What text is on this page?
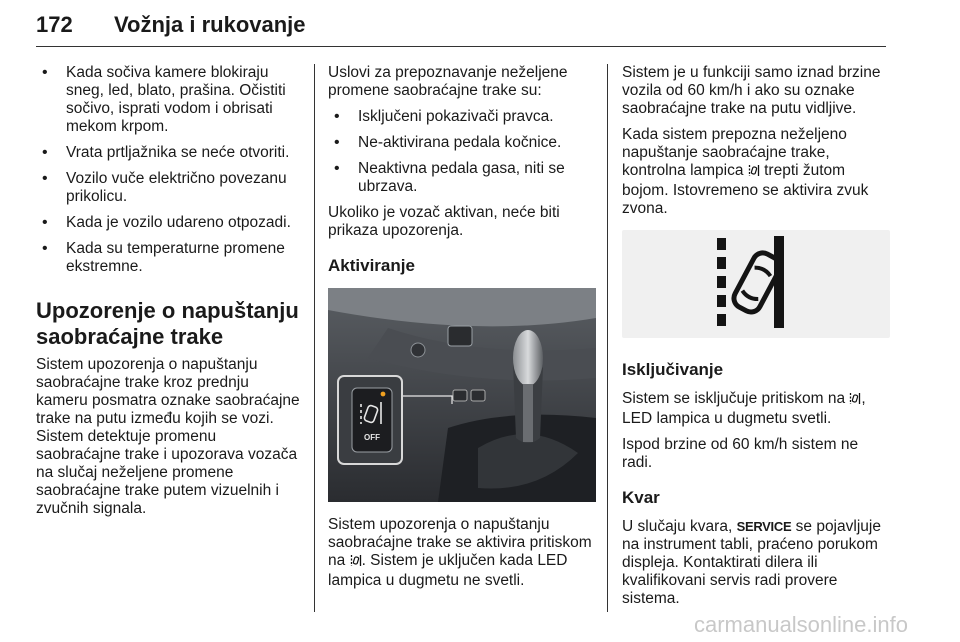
172 Vožnja i rukovanje
• Kada sočiva kamere blokiraju sneg, led, blato, prašina. Očistiti sočivo, isprati vodom i obrisati mekom krpom.
• Vrata prtljažnika se neće otvoriti.
• Vozilo vuče električno povezanu prikolicu.
• Kada je vozilo udareno otpozadi.
• Kada su temperaturne promene ekstremne.
Upozorenje o napuštanju saobraćajne trake

Sistem upozorenja o napuštanju saobraćajne trake kroz prednju kameru posmatra oznake saobraćajne trake na putu između kojih se vozi. Sistem detektuje promenu saobraćajne trake i upozorava vozača na slučaj neželjene promene saobraćajne trake putem vizuelnih i zvučnih signala.

Uslovi za prepoznavanje neželjene promene saobraćajne trake su:

• Isključeni pokazivači pravca.
• Ne-aktivirana pedala kočnice.
• Neaktivna pedala gasa, niti se ubrzava.

Ukoliko je vozač aktivan, neće biti prikaza upozorenja.

Aktiviranje
OFF

Sistem upozorenja o napuštanju saobraćajne trake se aktivira pritiskom na . Sistem je uključen kada LED lampica u dugmetu ne svetli.

Sistem je u funkciji samo iznad brzine vozila od 60 km/h i ako su oznake saobraćajne trake na putu vidljive.

Kada sistem prepozna neželjeno napuštanje saobraćajne trake, kontrolna lampica trepti žutom bojom. Istovremeno se aktivira zvuk zvona.

Isključivanje

Sistem se isključuje pritiskom na , LED lampica u dugmetu svetli.

Ispod brzine od 60 km/h sistem ne radi.

Kvar

U slučaju kvara, SERVICE se pojavljuje na instrument tabli, praćeno porukom displeja. Kontaktirati dilera ili kvalifikovani servis radi provere sistema.

carmanualsonline.info
